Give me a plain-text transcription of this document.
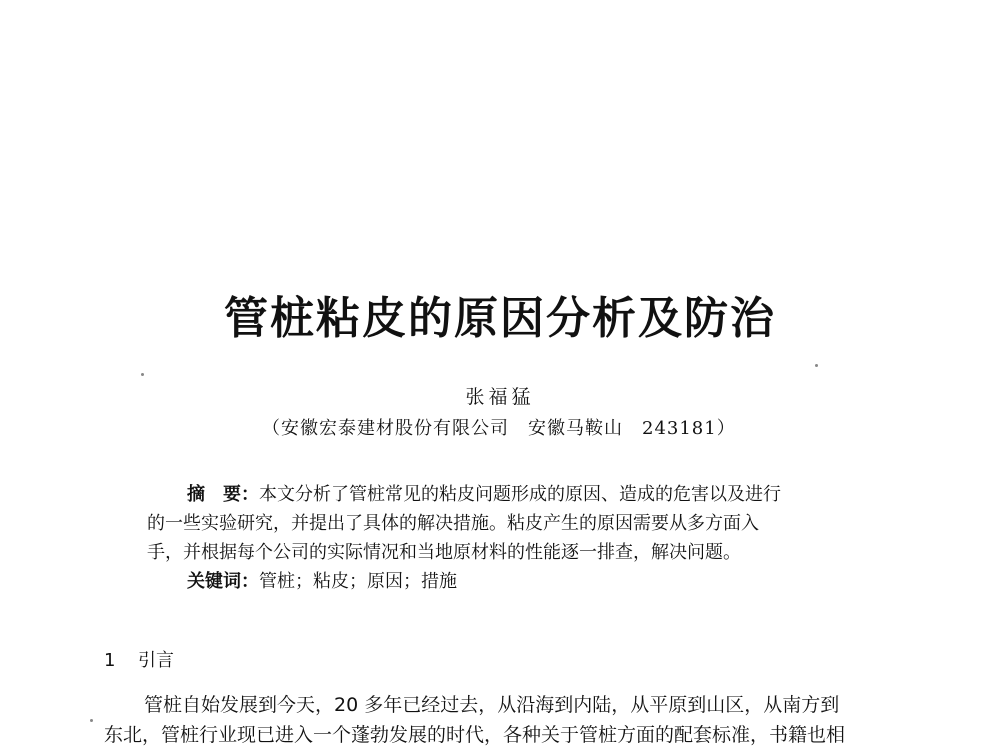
管桩粘皮的原因分析及防治
张福猛
（安徽宏泰建材股份有限公司　安徽马鞍山　243181）
摘　要：本文分析了管桩常见的粘皮问题形成的原因、造成的危害以及进行
的一些实验研究，并提出了具体的解决措施。粘皮产生的原因需要从多方面入
手，并根据每个公司的实际情况和当地原材料的性能逐一排查，解决问题。
关键词：管桩；粘皮；原因；措施
1 引言
管桩自始发展到今天，20 多年已经过去，从沿海到内陆，从平原到山区，从南方到
东北，管桩行业现已进入一个蓬勃发展的时代，各种关于管桩方面的配套标准，书籍也相
